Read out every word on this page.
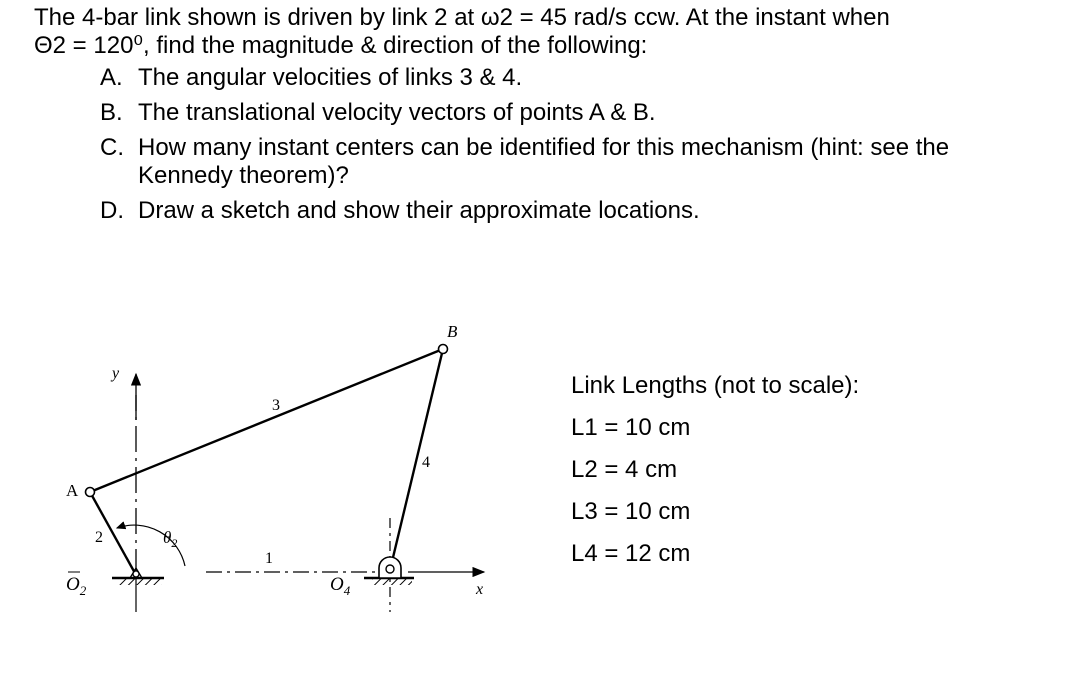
The 4-bar link shown is driven by link 2 at ω2 = 45 rad/s ccw. At the instant when
Θ2 = 120⁰, find the magnitude & direction of the following:
A. The angular velocities of links 3 & 4.
B. The translational velocity vectors of points A & B.
C. How many instant centers can be identified for this mechanism (hint: see the Kennedy theorem)?
D. Draw a sketch and show their approximate locations.
y
x
A
B
3
4
2
1
$\theta_2$
$O_2$	$O_4$
Link Lengths (not to scale):
L1 = 10 cm
L2 = 4 cm
L3 = 10 cm
L4 = 12 cm
